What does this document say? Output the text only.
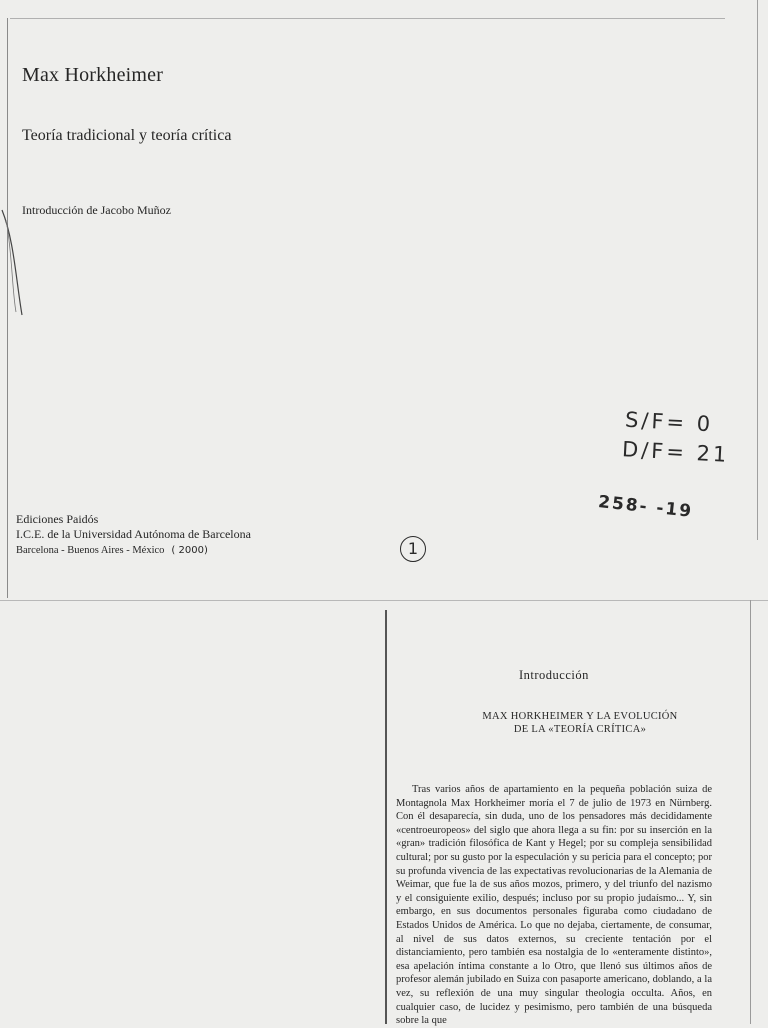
Max Horkheimer
Teoría tradicional y teoría crítica
Introducción de Jacobo Muñoz
S/F= 0
D/F= 21
258- -19
1
Ediciones Paidós
I.C.E. de la Universidad Autónoma de Barcelona
Barcelona - Buenos Aires - México ( 2000)
Introducción
MAX HORKHEIMER Y LA EVOLUCIÓN
DE LA «TEORÍA CRÍTICA»

Tras varios años de apartamiento en la pequeña población suiza de Montagnola Max Horkheimer moría el 7 de julio de 1973 en Nürnberg. Con él desaparecía, sin duda, uno de los pensadores más decididamente «centroeuropeos» del siglo que ahora llega a su fin: por su inserción en la «gran» tradición filosófica de Kant y Hegel; por su compleja sensibilidad cultural; por su gusto por la especulación y su pericia para el concepto; por su profunda vivencia de las expectativas revolucionarias de la Alemania de Weimar, que fue la de sus años mozos, primero, y del triunfo del nazismo y el consiguiente exilio, después; incluso por su propio judaísmo... Y, sin embargo, en sus documentos personales figuraba como ciudadano de Estados Unidos de América. Lo que no dejaba, ciertamente, de consumar, al nivel de sus datos externos, su creciente tentación por el distanciamiento, pero también esa nostalgia de lo «enteramente distinto», esa apelación íntima constante a lo Otro, que llenó sus últimos años de profesor alemán jubilado en Suiza con pasaporte americano, doblando, a la vez, su reflexión de una muy singular theologia occulta. Años, en cualquier caso, de lucidez y pesimismo, pero también de una búsqueda sobre la que
